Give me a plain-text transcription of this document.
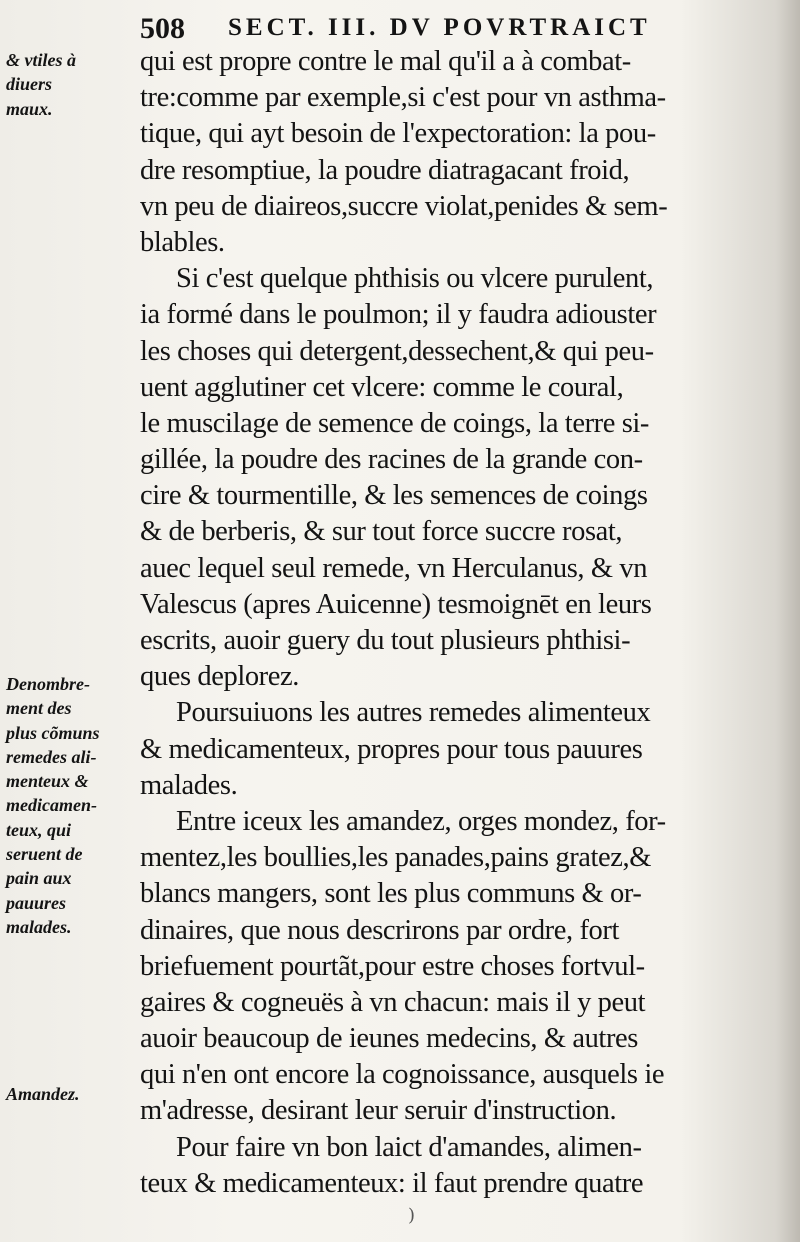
508 SECT. III. DV POVRTRAICT
& vtiles à
diuers
maux.
Denombre-
ment des
plus cõmuns
remedes ali-
menteux &
medicamen-
teux, qui
seruent de
pain aux
pauures
malades.
Amandez.
qui est propre contre le mal qu'il a à combat-
tre:comme par exemple,si c'est pour vn asthma-
tique, qui ayt besoin de l'expectoration: la pou-
dre resomptiue, la poudre diatragacant froid,
vn peu de diaireos,succre violat,penides & sem-
blables.
Si c'est quelque phthisis ou vlcere purulent,
ia formé dans le poulmon; il y faudra adiouster
les choses qui detergent,dessechent,& qui peu-
uent agglutiner cet vlcere: comme le coural,
le muscilage de semence de coings, la terre si-
gillée, la poudre des racines de la grande con-
cire & tourmentille, & les semences de coings
& de berberis, & sur tout force succre rosat,
auec lequel seul remede, vn Herculanus, & vn
Valescus (apres Auicenne) tesmoignēt en leurs
escrits, auoir guery du tout plusieurs phthisi-
ques deplorez.
Poursuiuons les autres remedes alimenteux
& medicamenteux, propres pour tous pauures
malades.
Entre iceux les amandez, orges mondez, for-
mentez,les boullies,les panades,pains gratez,&
blancs mangers, sont les plus communs & or-
dinaires, que nous descrirons par ordre, fort
briefuement pourtãt,pour estre choses fortvul-
gaires & cogneuës à vn chacun: mais il y peut
auoir beaucoup de ieunes medecins, & autres
qui n'en ont encore la cognoissance, ausquels ie
m'adresse, desirant leur seruir d'instruction.
Pour faire vn bon laict d'amandes, alimen-
teux & medicamenteux: il faut prendre quatre
)
